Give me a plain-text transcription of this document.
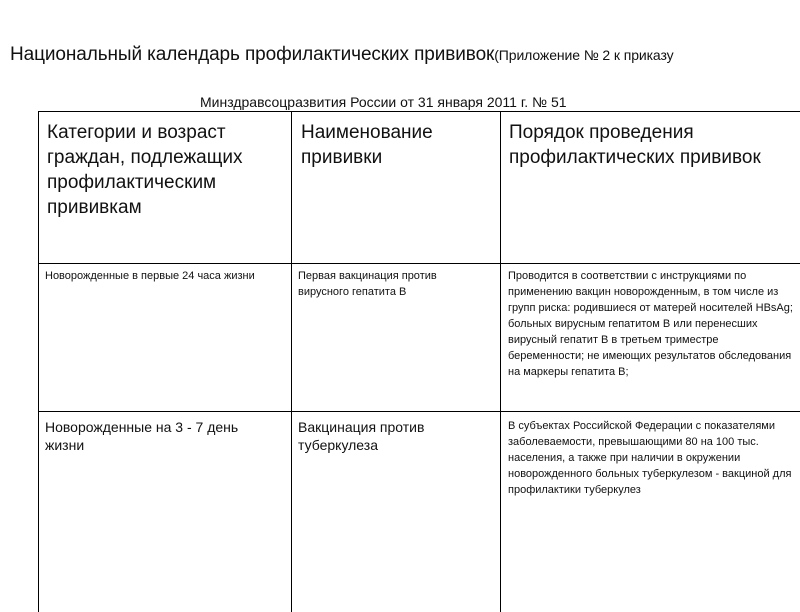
Национальный календарь профилактических прививок(Приложение № 2 к приказу
Минздравсоцразвития России от 31 января 2011 г. № 51
Категории и возраст граждан, подлежащих профилактическим прививкам
Наименование прививки
Порядок проведения профилактических прививок
Новорожденные в первые 24 часа жизни	Первая вакцинация против вирусного гепатита В
Проводится в соответствии с инструкциями по применению вакцин новорожденным, в том числе из групп риска: родившиеся от матерей носителей HBsAg; больных вирусным гепатитом В или перенесших вирусный гепатит В в третьем триместре беременности; не имеющих результатов обследования на маркеры гепатита В;
Новорожденные на 3 - 7 день жизни
Вакцинация против туберкулеза
В субъектах Российской Федерации с показателями заболеваемости, превышающими 80 на 100 тыс. населения, а также при наличии в окружении новорожденного больных туберкулезом - вакциной для профилактики туберкулез
